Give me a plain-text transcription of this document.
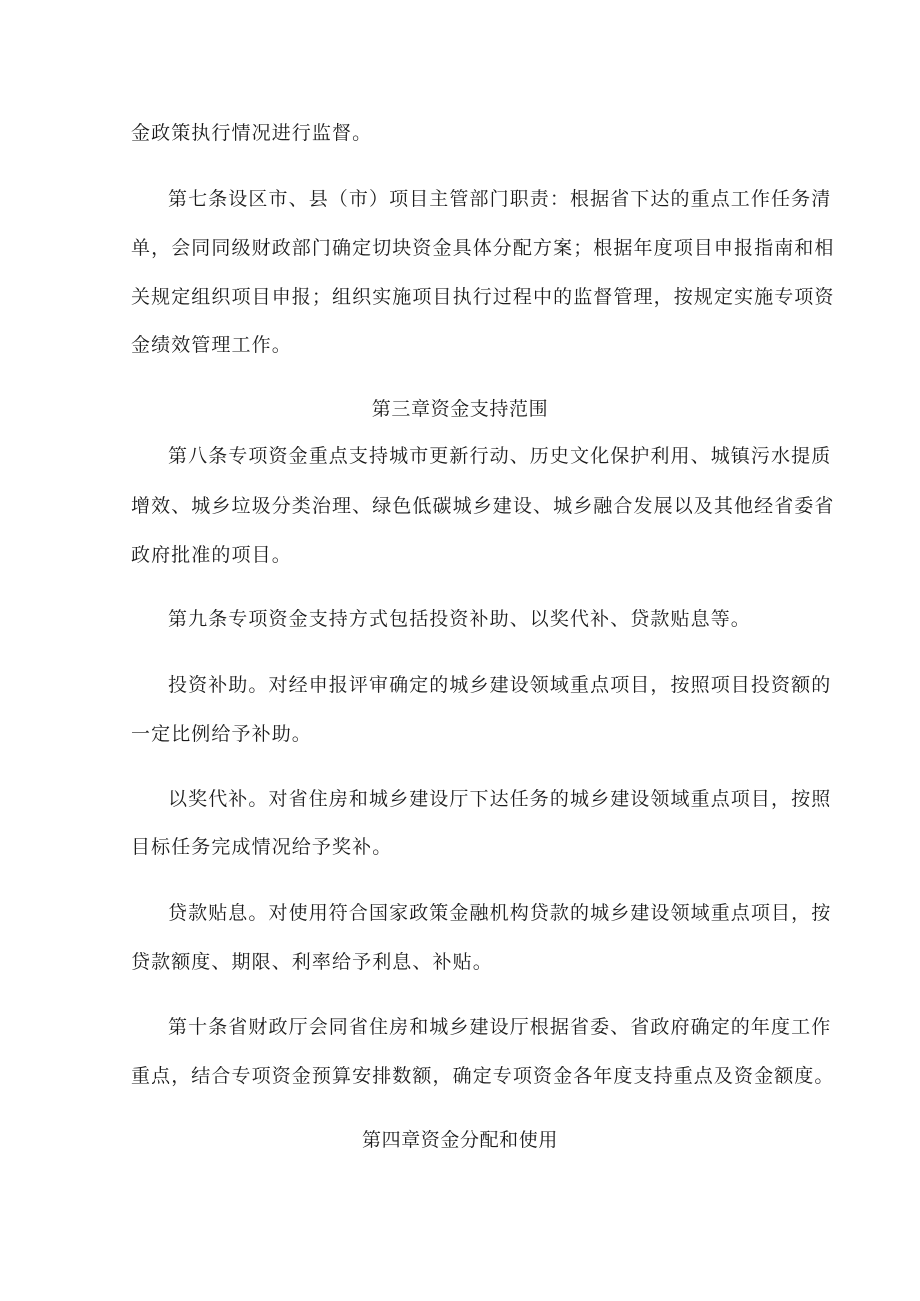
金政策执行情况进行监督。
第七条设区市、县（市）项目主管部门职责：根据省下达的重点工作任务清
单，会同同级财政部门确定切块资金具体分配方案；根据年度项目申报指南和相
关规定组织项目申报；组织实施项目执行过程中的监督管理，按规定实施专项资
金绩效管理工作。
第三章资金支持范围
第八条专项资金重点支持城市更新行动、历史文化保护利用、城镇污水提质
增效、城乡垃圾分类治理、绿色低碳城乡建设、城乡融合发展以及其他经省委省
政府批准的项目。
第九条专项资金支持方式包括投资补助、以奖代补、贷款贴息等。
投资补助。对经申报评审确定的城乡建设领域重点项目，按照项目投资额的
一定比例给予补助。
以奖代补。对省住房和城乡建设厅下达任务的城乡建设领域重点项目，按照
目标任务完成情况给予奖补。
贷款贴息。对使用符合国家政策金融机构贷款的城乡建设领域重点项目，按
贷款额度、期限、利率给予利息、补贴。
第十条省财政厅会同省住房和城乡建设厅根据省委、省政府确定的年度工作
重点，结合专项资金预算安排数额，确定专项资金各年度支持重点及资金额度。
第四章资金分配和使用
